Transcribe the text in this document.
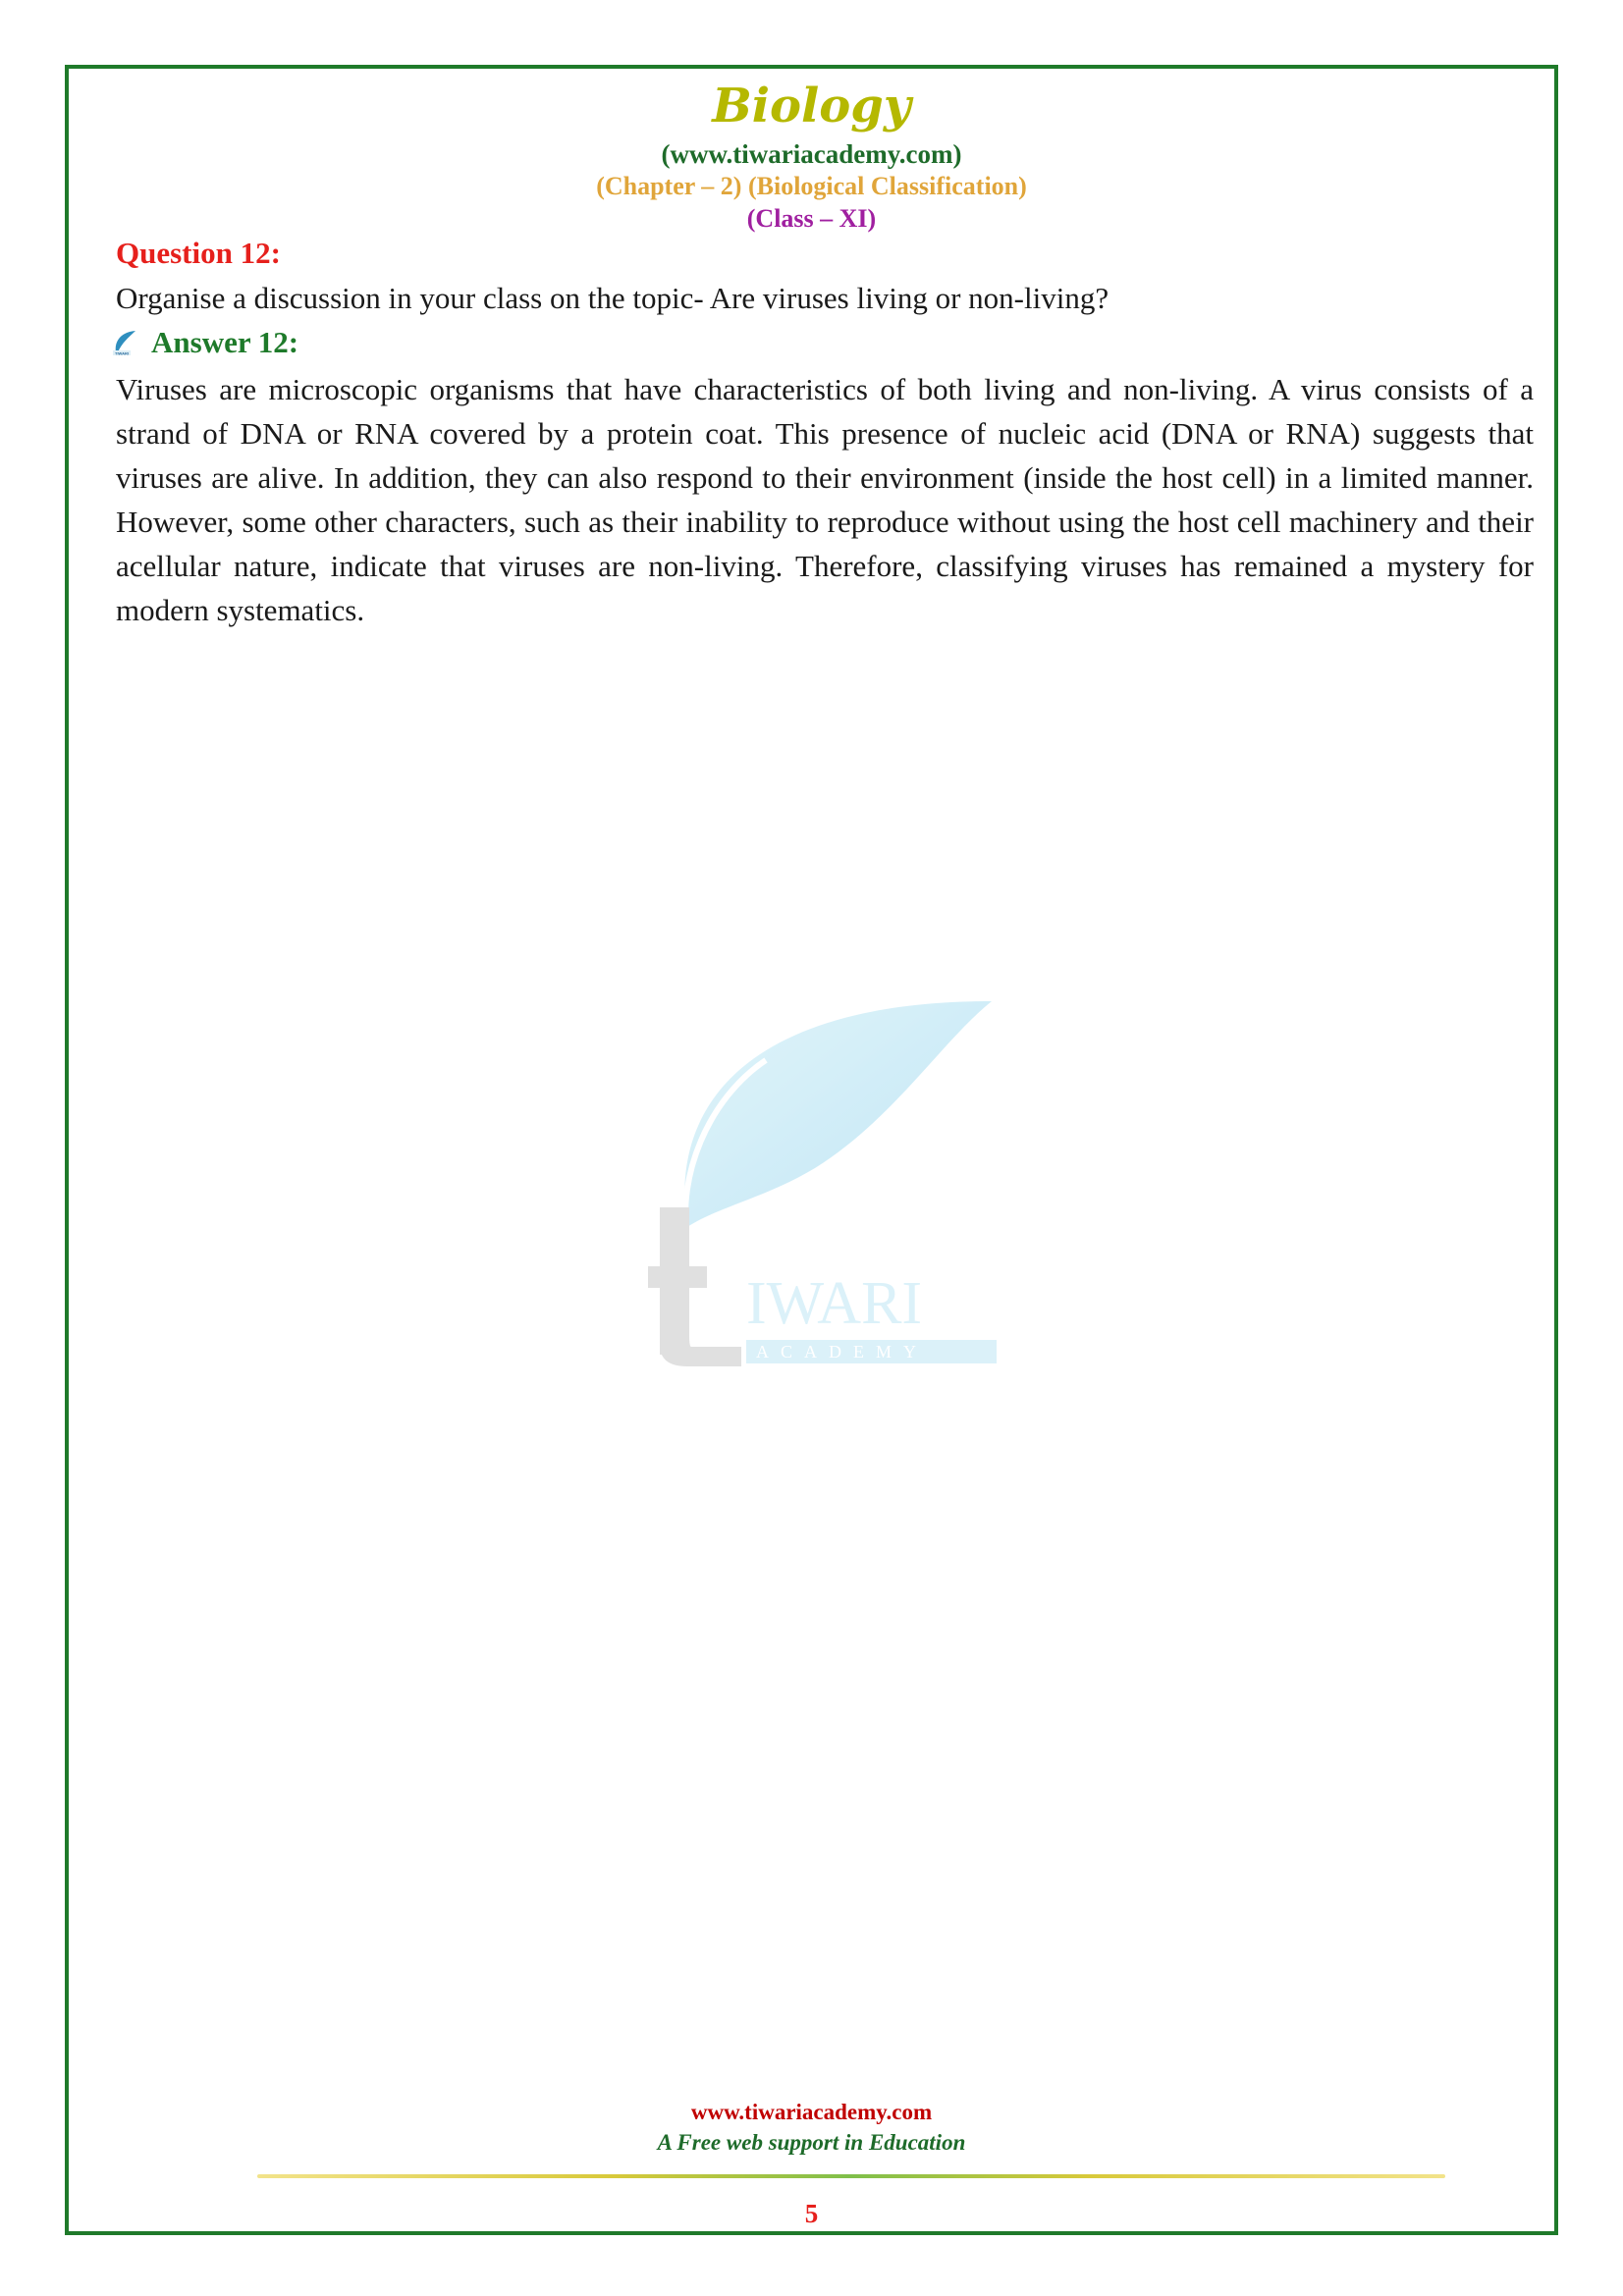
Biology
(www.tiwariacademy.com)
(Chapter – 2) (Biological Classification)
(Class – XI)
Question 12:
Organise a discussion in your class on the topic- Are viruses living or non-living?
TIWARI Answer 12:
Viruses are microscopic organisms that have characteristics of both living and non-living. A virus consists of a strand of DNA or RNA covered by a protein coat. This presence of nucleic acid (DNA or RNA) suggests that viruses are alive. In addition, they can also respond to their environment (inside the host cell) in a limited manner. However, some other characters, such as their inability to reproduce without using the host cell machinery and their acellular nature, indicate that viruses are non-living. Therefore, classifying viruses has remained a mystery for modern systematics.
IWARI
ACADEMY
www.tiwariacademy.com
A Free web support in Education
5
